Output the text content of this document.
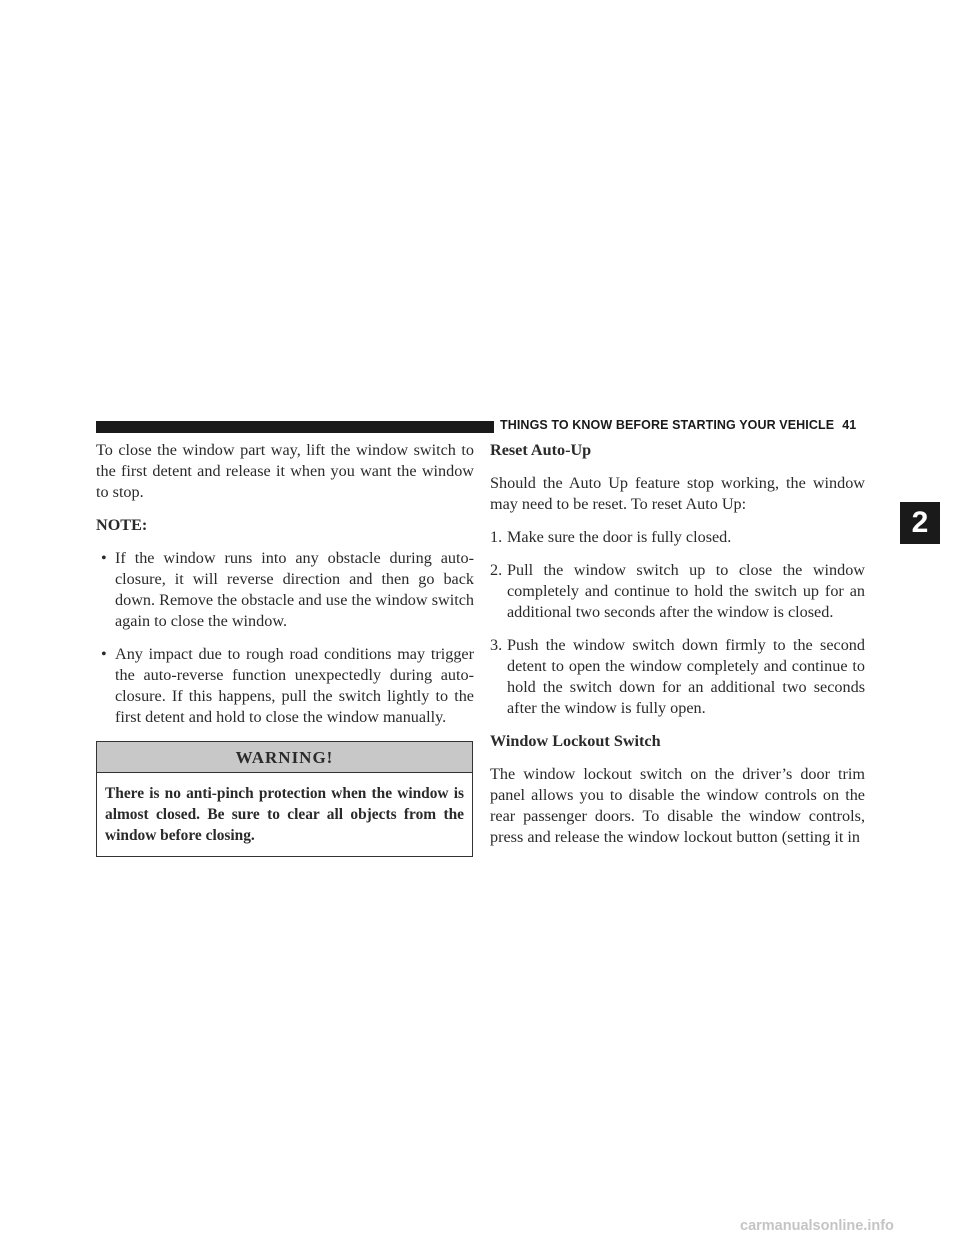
THINGS TO KNOW BEFORE STARTING YOUR VEHICLE 41

To close the window part way, lift the window switch to the first detent and release it when you want the window to stop.

NOTE:
• If the window runs into any obstacle during auto-closure, it will reverse direction and then go back down. Remove the obstacle and use the window switch again to close the window.
• Any impact due to rough road conditions may trigger the auto-reverse function unexpectedly during auto-closure. If this happens, pull the switch lightly to the first detent and hold to close the window manually.
WARNING!
There is no anti-pinch protection when the window is almost closed. Be sure to clear all objects from the window before closing.
Reset Auto-Up

Should the Auto Up feature stop working, the window may need to be reset. To reset Auto Up:

1. Make sure the door is fully closed.
2. Pull the window switch up to close the window completely and continue to hold the switch up for an additional two seconds after the window is closed.
3. Push the window switch down firmly to the second detent to open the window completely and continue to hold the switch down for an additional two seconds after the window is fully open.
Window Lockout Switch

The window lockout switch on the driver’s door trim panel allows you to disable the window controls on the rear passenger doors. To disable the window controls, press and release the window lockout button (setting it in

2
carmanualsonline.info
